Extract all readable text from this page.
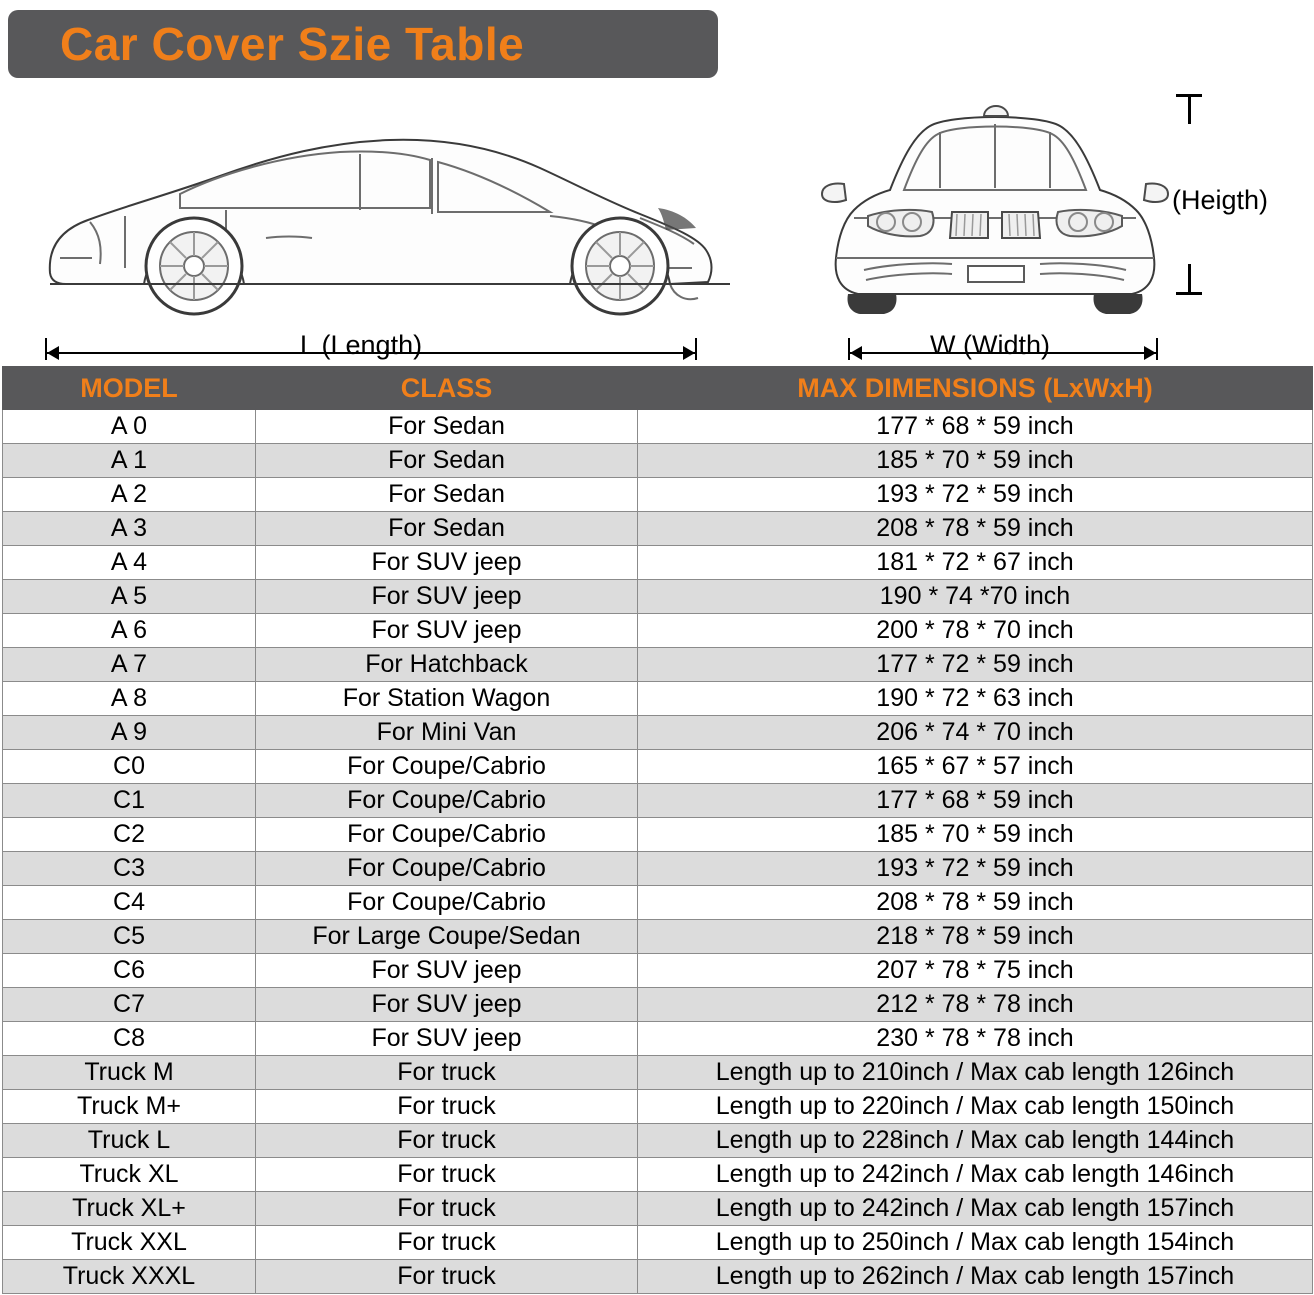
Car Cover Szie Table
L (Length)	W (Width)
(Heigth)
MODEL	CLASS	MAX DIMENSIONS (LxWxH)
A 0	For Sedan	177 * 68 * 59 inch
A 1	For Sedan	185 * 70 * 59 inch
A 2	For Sedan	193 * 72 * 59 inch
A 3	For Sedan	208 * 78 * 59 inch
A 4	For SUV jeep	181 * 72 * 67 inch
A 5	For SUV jeep	190 * 74 *70 inch
A 6	For SUV jeep	200 * 78 * 70 inch
A 7	For Hatchback	177 * 72 * 59 inch
A 8	For Station Wagon	190 * 72 * 63 inch
A 9	For Mini Van	206 * 74 * 70 inch
C0	For Coupe/Cabrio	165 * 67 * 57 inch
C1	For Coupe/Cabrio	177 * 68 * 59 inch
C2	For Coupe/Cabrio	185 * 70 * 59 inch
C3	For Coupe/Cabrio	193 * 72 * 59 inch
C4	For Coupe/Cabrio	208 * 78 * 59 inch
C5	For Large Coupe/Sedan	218 * 78 * 59 inch
C6	For SUV jeep	207 * 78 * 75 inch
C7	For SUV jeep	212 * 78 * 78 inch
C8	For SUV jeep	230 * 78 * 78 inch
Truck M	For truck	Length up to 210inch / Max cab length 126inch
Truck M+	For truck	Length up to 220inch / Max cab length 150inch
Truck L	For truck	Length up to 228inch / Max cab length 144inch
Truck XL	For truck	Length up to 242inch / Max cab length 146inch
Truck XL+	For truck	Length up to 242inch / Max cab length 157inch
Truck XXL	For truck	Length up to 250inch / Max cab length 154inch
Truck XXXL	For truck	Length up to 262inch / Max cab length 157inch
